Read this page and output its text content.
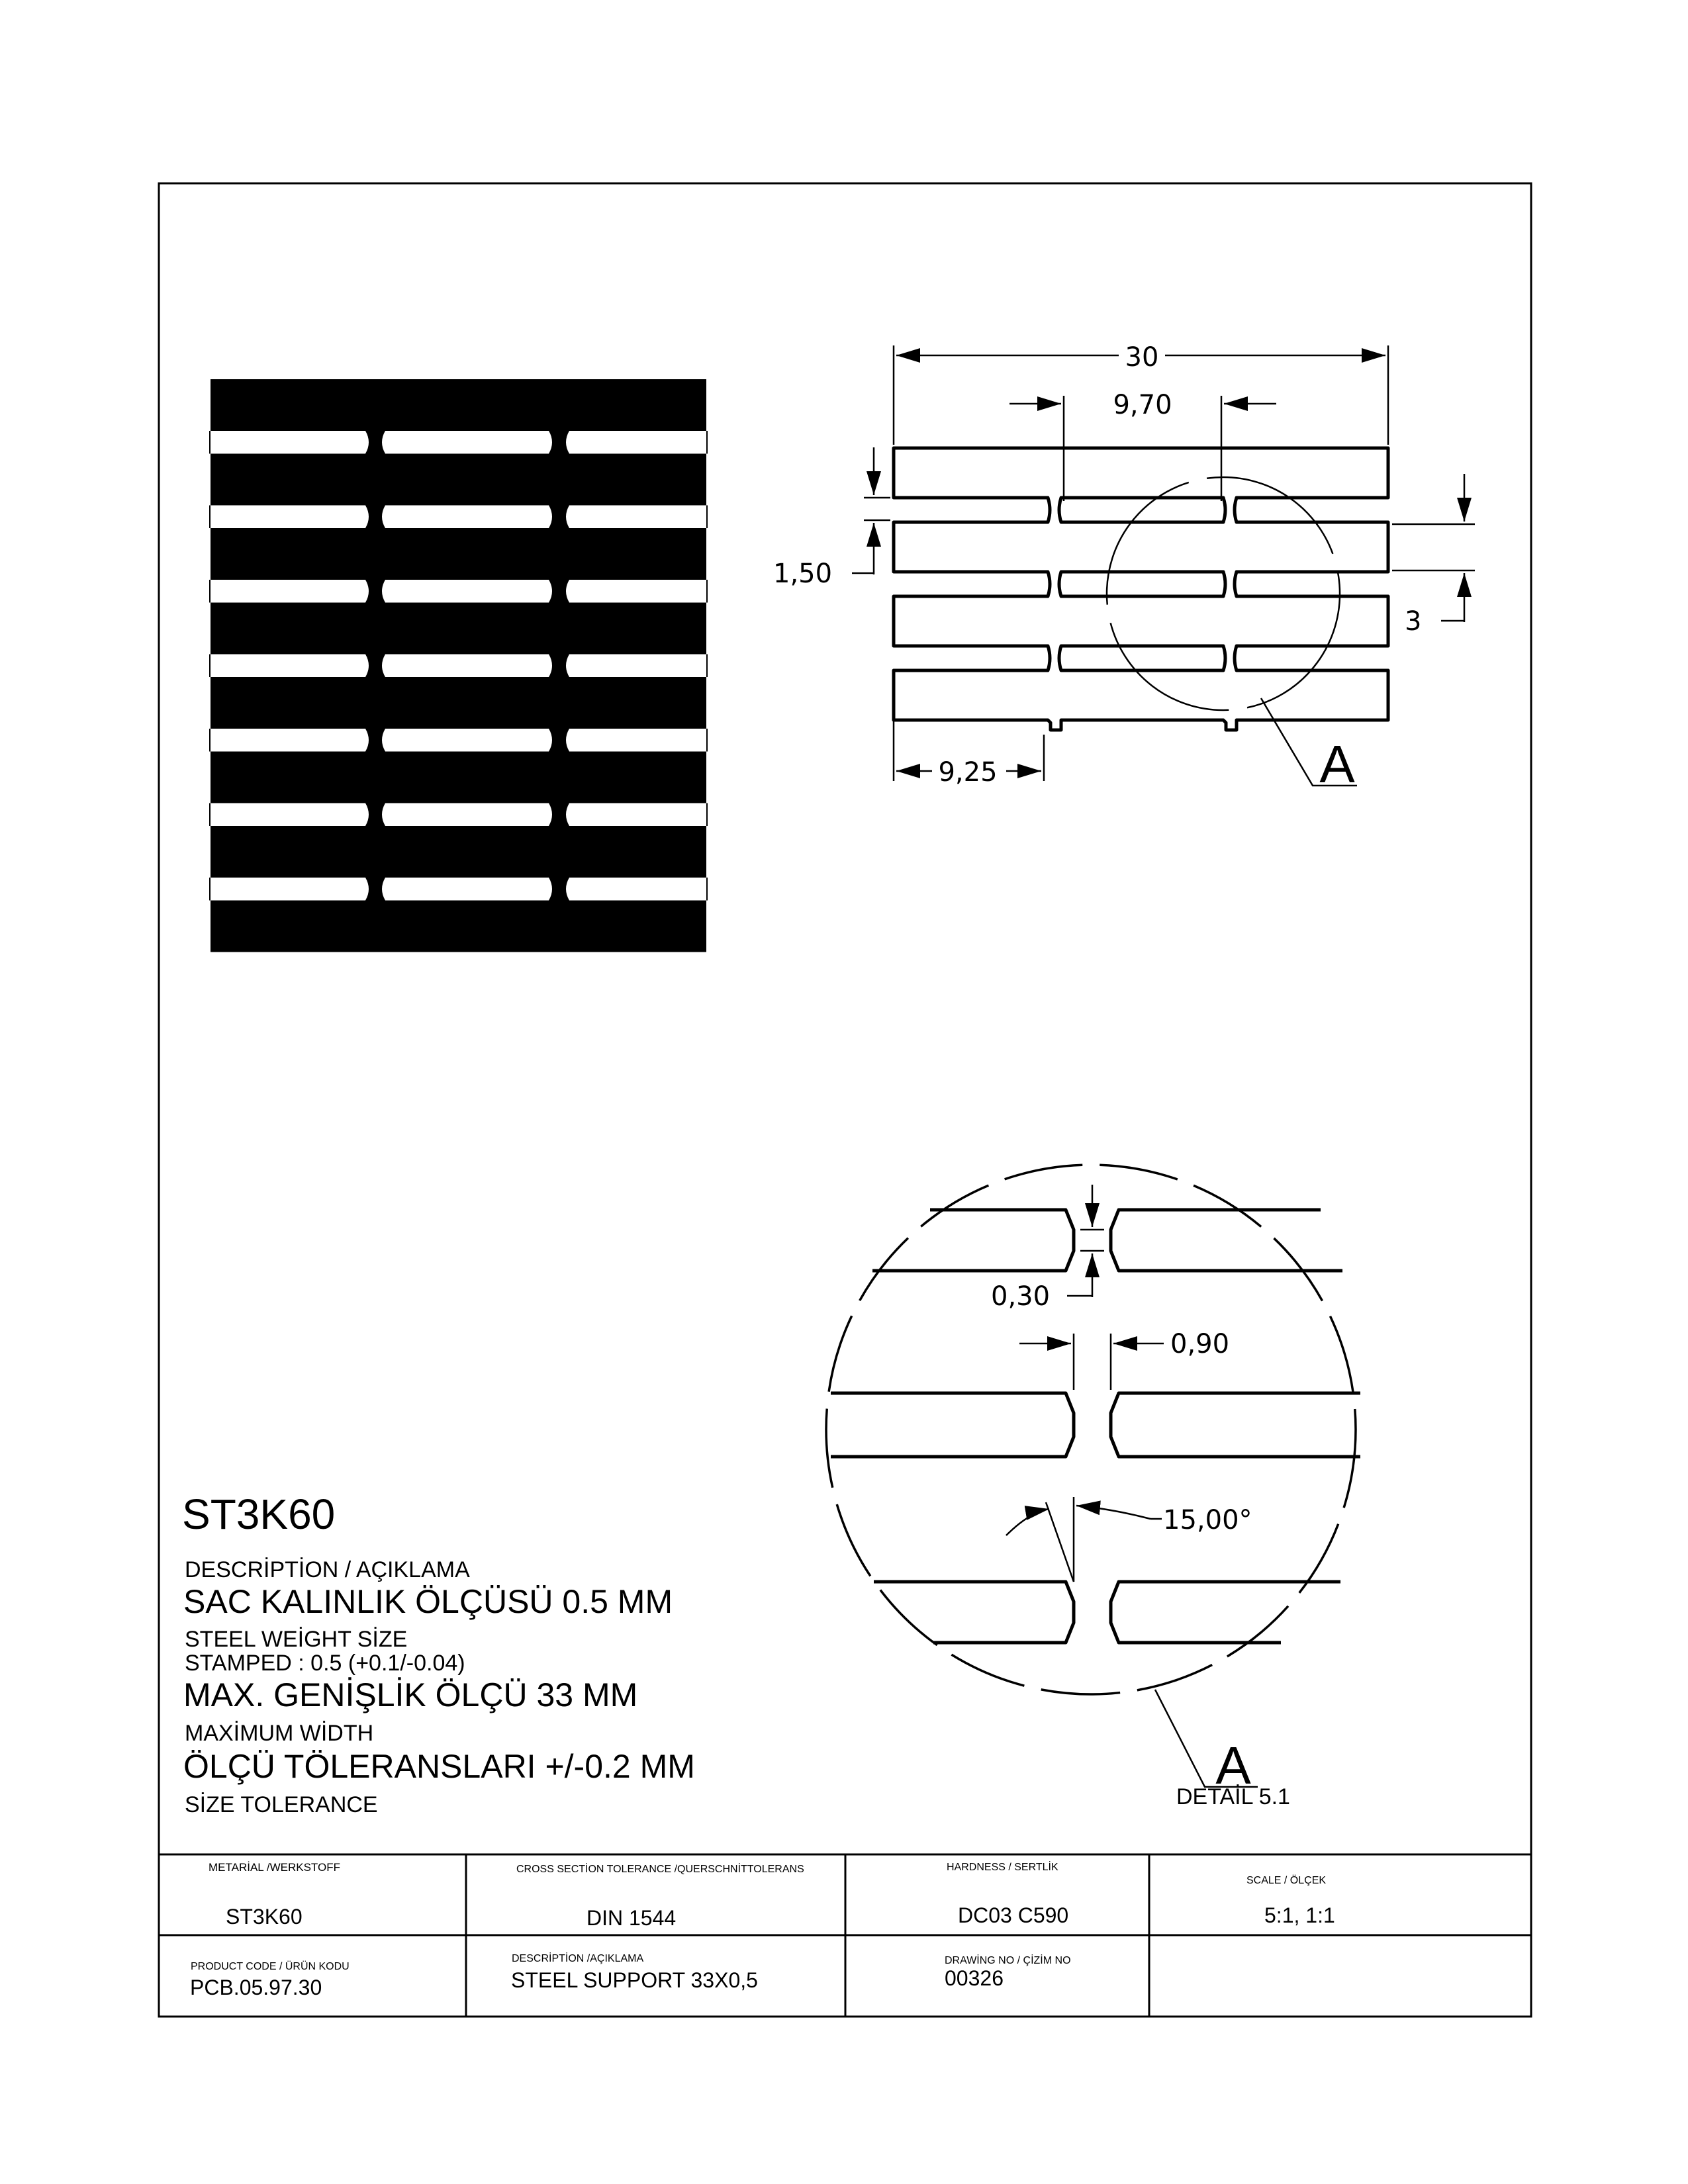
30
9,70
1,50
3
9,25	A
0,30
0,90
15,00°
A
DETAİL 5.1
ST3K60
DESCRİPTİON / AÇIKLAMA
SAC KALINLIK ÖLÇÜSÜ 0.5 MM
STEEL WEİGHT SİZE
STAMPED : 0.5 (+0.1/-0.04)
MAX. GENİŞLİK ÖLÇÜ 33 MM
MAXİMUM WİDTH
ÖLÇÜ TÖLERANSLARI +/-0.2 MM
SİZE TOLERANCE
METARİAL /WERKSTOFF
ST3K60
CROSS SECTİON TOLERANCE /QUERSCHNİTTOLERANS
DIN 1544
HARDNESS / SERTLİK
DC03 C590
SCALE / ÖLÇEK
5:1, 1:1
PRODUCT CODE / ÜRÜN KODU
PCB.05.97.30
DESCRİPTİON /AÇIKLAMA
STEEL SUPPORT 33X0,5
DRAWİNG NO / ÇİZİM NO
00326
